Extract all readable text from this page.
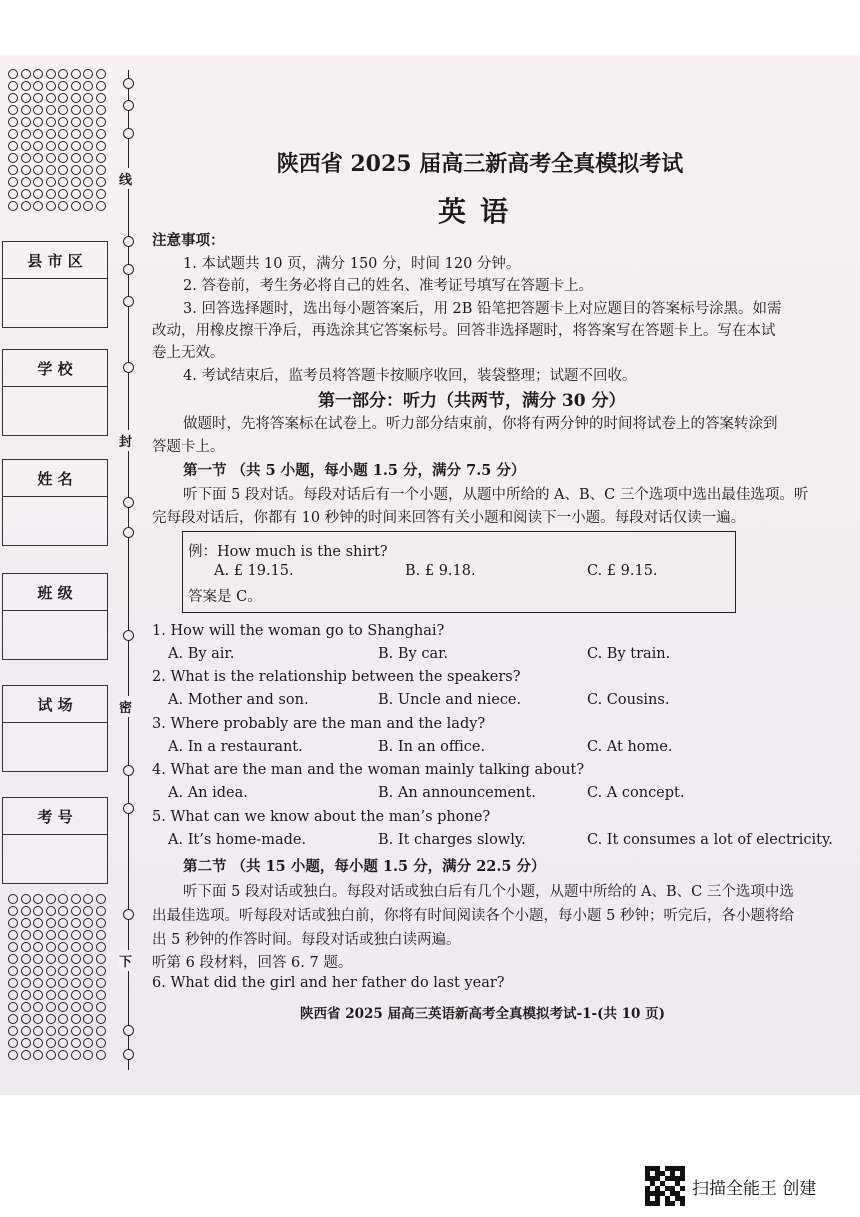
县 市 区
学 校
姓 名
班 级
试 场
考 号
线
封
密
下
陕西省 2025 届高三新高考全真模拟考试
英语
注意事项：
1. 本试题共 10 页，满分 150 分，时间 120 分钟。
2. 答卷前，考生务必将自己的姓名、准考证号填写在答题卡上。
3. 回答选择题时，选出每小题答案后，用 2B 铅笔把答题卡上对应题目的答案标号涂黑。如需
改动，用橡皮擦干净后，再选涂其它答案标号。回答非选择题时，将答案写在答题卡上。写在本试
卷上无效。
4. 考试结束后，监考员将答题卡按顺序收回，装袋整理；试题不回收。
第一部分：听力（共两节，满分 30 分）
做题时，先将答案标在试卷上。听力部分结束前，你将有两分钟的时间将试卷上的答案转涂到
答题卡上。
第一节 （共 5 小题，每小题 1.5 分，满分 7.5 分）
听下面 5 段对话。每段对话后有一个小题，从题中所给的 A、B、C 三个选项中选出最佳选项。听
完每段对话后，你都有 10 秒钟的时间来回答有关小题和阅读下一小题。每段对话仅读一遍。
例：How much is the shirt?
A. £ 19.15.	B. £ 9.18.	C. £ 9.15.
答案是 C。
1. How will the woman go to Shanghai?
A. By air.	B. By car.	C. By train.
2. What is the relationship between the speakers?
A. Mother and son.	B. Uncle and niece.	C. Cousins.
3. Where probably are the man and the lady?
A. In a restaurant.	B. In an office.	C. At home.
4. What are the man and the woman mainly talking about?
A. An idea.	B. An announcement.	C. A concept.
5. What can we know about the man’s phone?
A. It’s home-made.	B. It charges slowly.	C. It consumes a lot of electricity.
第二节 （共 15 小题，每小题 1.5 分，满分 22.5 分）
听下面 5 段对话或独白。每段对话或独白后有几个小题，从题中所给的 A、B、C 三个选项中选
出最佳选项。听每段对话或独白前，你将有时间阅读各个小题，每小题 5 秒钟；听完后，各小题将给
出 5 秒钟的作答时间。每段对话或独白读两遍。
听第 6 段材料，回答 6. 7 题。
6. What did the girl and her father do last year?
陕西省 2025 届高三英语新高考全真模拟考试-1-(共 10 页)
扫描全能王 创建
